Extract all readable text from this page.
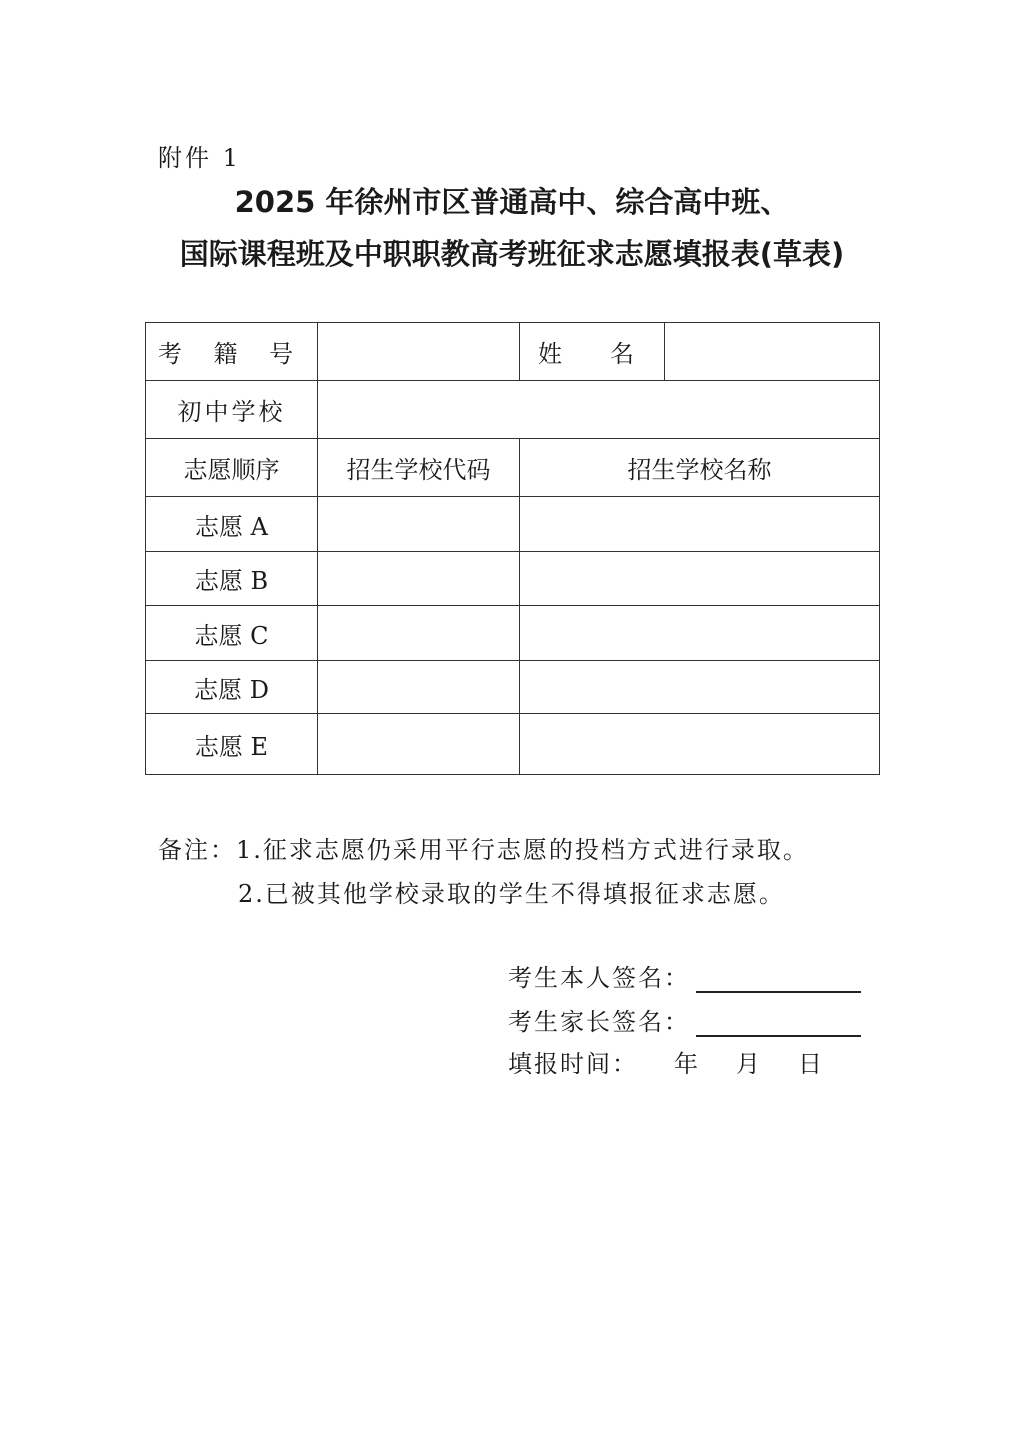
附件 1
2025 年徐州市区普通高中、综合高中班、
国际课程班及中职职教高考班征求志愿填报表(草表)
考 籍 号		姓　名	
初中学校			
志愿顺序	招生学校代码	招生学校名称	
志愿 A			
志愿 B			
志愿 C			
志愿 D			
志愿 E			
备注：1.征求志愿仍采用平行志愿的投档方式进行录取。
2.已被其他学校录取的学生不得填报征求志愿。
考生本人签名：
考生家长签名：
填报时间： 年 月 日
